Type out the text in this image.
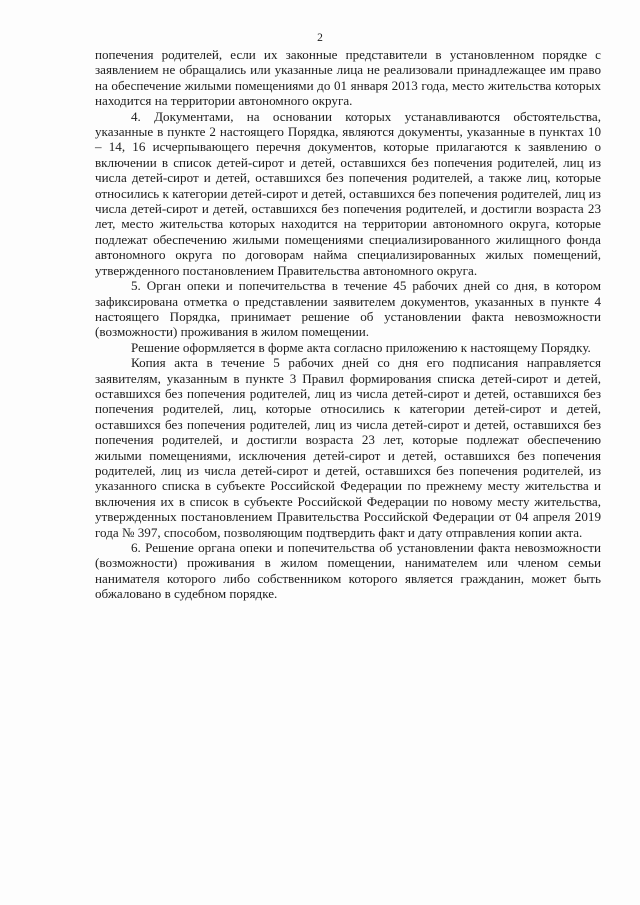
2

попечения родителей, если их законные представители в установленном порядке с заявлением не обращались или указанные лица не реализовали принадлежащее им право на обеспечение жилыми помещениями до 01 января 2013 года, место жительства которых находится на территории автономного округа.

4. Документами, на основании которых устанавливаются обстоятельства, указанные в пункте 2 настоящего Порядка, являются документы, указанные в пунктах 10 – 14, 16 исчерпывающего перечня документов, которые прилагаются к заявлению о включении в список детей-сирот и детей, оставшихся без попечения родителей, лиц из числа детей-сирот и детей, оставшихся без попечения родителей, а также лиц, которые относились к категории детей-сирот и детей, оставшихся без попечения родителей, лиц из числа детей-сирот и детей, оставшихся без попечения родителей, и достигли возраста 23 лет, место жительства которых находится на территории автономного округа, которые подлежат обеспечению жилыми помещениями специализированного жилищного фонда автономного округа по договорам найма специализированных жилых помещений, утвержденного постановлением Правительства автономного округа.

5. Орган опеки и попечительства в течение 45 рабочих дней со дня, в котором зафиксирована отметка о представлении заявителем документов, указанных в пункте 4 настоящего Порядка, принимает решение об установлении факта невозможности (возможности) проживания в жилом помещении.

Решение оформляется в форме акта согласно приложению к настоящему Порядку.

Копия акта в течение 5 рабочих дней со дня его подписания направляется заявителям, указанным в пункте 3 Правил формирования списка детей-сирот и детей, оставшихся без попечения родителей, лиц из числа детей-сирот и детей, оставшихся без попечения родителей, лиц, которые относились к категории детей-сирот и детей, оставшихся без попечения родителей, лиц из числа детей-сирот и детей, оставшихся без попечения родителей, и достигли возраста 23 лет, которые подлежат обеспечению жилыми помещениями, исключения детей-сирот и детей, оставшихся без попечения родителей, лиц из числа детей-сирот и детей, оставшихся без попечения родителей, из указанного списка в субъекте Российской Федерации по прежнему месту жительства и включения их в список в субъекте Российской Федерации по новому месту жительства, утвержденных постановлением Правительства Российской Федерации от 04 апреля 2019 года № 397, способом, позволяющим подтвердить факт и дату отправления копии акта.

6. Решение органа опеки и попечительства об установлении факта невозможности (возможности) проживания в жилом помещении, нанимателем или членом семьи нанимателя которого либо собственником которого является гражданин, может быть обжаловано в судебном порядке.
